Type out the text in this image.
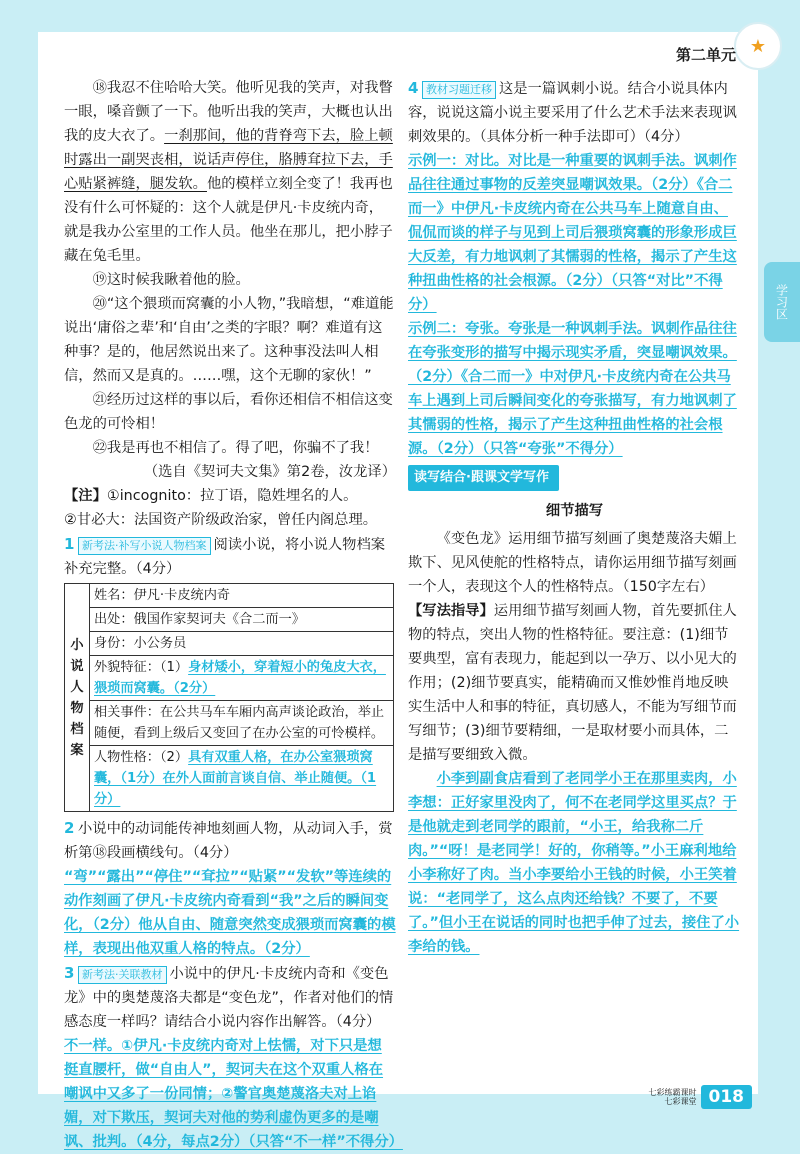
★
第二单元
学习区

⑱我忍不住哈哈大笑。他听见我的笑声，对我瞥一眼，嗓音颤了一下。他听出我的笑声，大概也认出我的皮大衣了。一刹那间，他的背脊弯下去，脸上顿时露出一副哭丧相，说话声停住，胳膊耷拉下去，手心贴紧裤缝，腿发软。他的模样立刻全变了！我再也没有什么可怀疑的：这个人就是伊凡·卡皮统内奇，就是我办公室里的工作人员。他坐在那儿，把小脖子藏在兔毛里。

⑲这时候我瞅着他的脸。

⑳“这个猥琐而窝囊的小人物，”我暗想，“难道能说出‘庸俗之辈’和‘自由’之类的字眼？啊？难道有这种事？是的，他居然说出来了。这种事没法叫人相信，然而又是真的。……嘿，这个无聊的家伙！”

㉑经历过这样的事以后，看你还相信不相信这变色龙的可怜相！

㉒我是再也不相信了。得了吧，你骗不了我！

（选自《契诃夫文集》第2卷，汝龙译）

【注】①incognito：拉丁语，隐姓埋名的人。

②甘必大：法国资产阶级政治家，曾任内阁总理。

1 新考法·补写小说人物档案 阅读小说，将小说人物档案补充完整。（4分）

小说人物档案	姓名：伊凡·卡皮统内奇
出处：俄国作家契诃夫《合二而一》
身份：小公务员
外貌特征：（1）身材矮小，穿着短小的兔皮大衣，猥琐而窝囊。（2分）
相关事件：在公共马车车厢内高声谈论政治，举止随便，看到上级后又变回了在办公室的可怜模样。
人物性格：（2）具有双重人格，在办公室猥琐窝囊，（1分）在外人面前言谈自信、举止随便。（1分）

2 小说中的动词能传神地刻画人物，从动词入手，赏析第⑱段画横线句。（4分）

“弯”“露出”“停住”“耷拉”“贴紧”“发软”等连续的动作刻画了伊凡·卡皮统内奇看到“我”之后的瞬间变化，（2分）他从自由、随意突然变成猥琐而窝囊的模样，表现出他双重人格的特点。（2分）

3 新考法·关联教材 小说中的伊凡·卡皮统内奇和《变色龙》中的奥楚蔑洛夫都是“变色龙”，作者对他们的情感态度一样吗？请结合小说内容作出解答。（4分）

不一样。①伊凡·卡皮统内奇对上怯懦，对下只是想挺直腰杆，做“自由人”，契诃夫在这个双重人格在嘲讽中又多了一份同情；②警官奥楚蔑洛夫对上谄媚，对下欺压，契诃夫对他的势利虚伪更多的是嘲讽、批判。（4分，每点2分）（只答“不一样”不得分）

4 教材习题迁移 这是一篇讽刺小说。结合小说具体内容，说说这篇小说主要采用了什么艺术手法来表现讽刺效果的。（具体分析一种手法即可）（4分）

示例一：对比。对比是一种重要的讽刺手法。讽刺作品往往通过事物的反差突显嘲讽效果。（2分）《合二而一》中伊凡·卡皮统内奇在公共马车上随意自由、侃侃而谈的样子与见到上司后猥琐窝囊的形象形成巨大反差，有力地讽刺了其懦弱的性格，揭示了产生这种扭曲性格的社会根源。（2分）（只答“对比”不得分）

示例二：夸张。夸张是一种讽刺手法。讽刺作品往往在夸张变形的描写中揭示现实矛盾，突显嘲讽效果。（2分）《合二而一》中对伊凡·卡皮统内奇在公共马车上遇到上司后瞬间变化的夸张描写，有力地讽刺了其懦弱的性格，揭示了产生这种扭曲性格的社会根源。（2分）（只答“夸张”不得分）

读写结合·跟课文学写作

细节描写

《变色龙》运用细节描写刻画了奥楚蔑洛夫媚上欺下、见风使舵的性格特点，请你运用细节描写刻画一个人，表现这个人的性格特点。（150字左右）

【写法指导】运用细节描写刻画人物，首先要抓住人物的特点，突出人物的性格特征。要注意：(1)细节要典型，富有表现力，能起到以一孕万、以小见大的作用；(2)细节要真实，能精确而又惟妙惟肖地反映实生活中人和事的特征，真切感人，不能为写细节而写细节；(3)细节要精细，一是取材要小而具体，二是描写要细致入微。

小李到副食店看到了老同学小王在那里卖肉，小李想：正好家里没肉了，何不在老同学这里买点？于是他就走到老同学的跟前，“小王，给我称二斤肉。”“呀！是老同学！好的，你稍等。”小王麻利地给小李称好了肉。当小李要给小王钱的时候，小王笑着说：“老同学了，这么点肉还给钱？不要了，不要了。”但小王在说话的同时也把手伸了过去，接住了小李给的钱。

七彩练霸课时
七彩课堂 018
